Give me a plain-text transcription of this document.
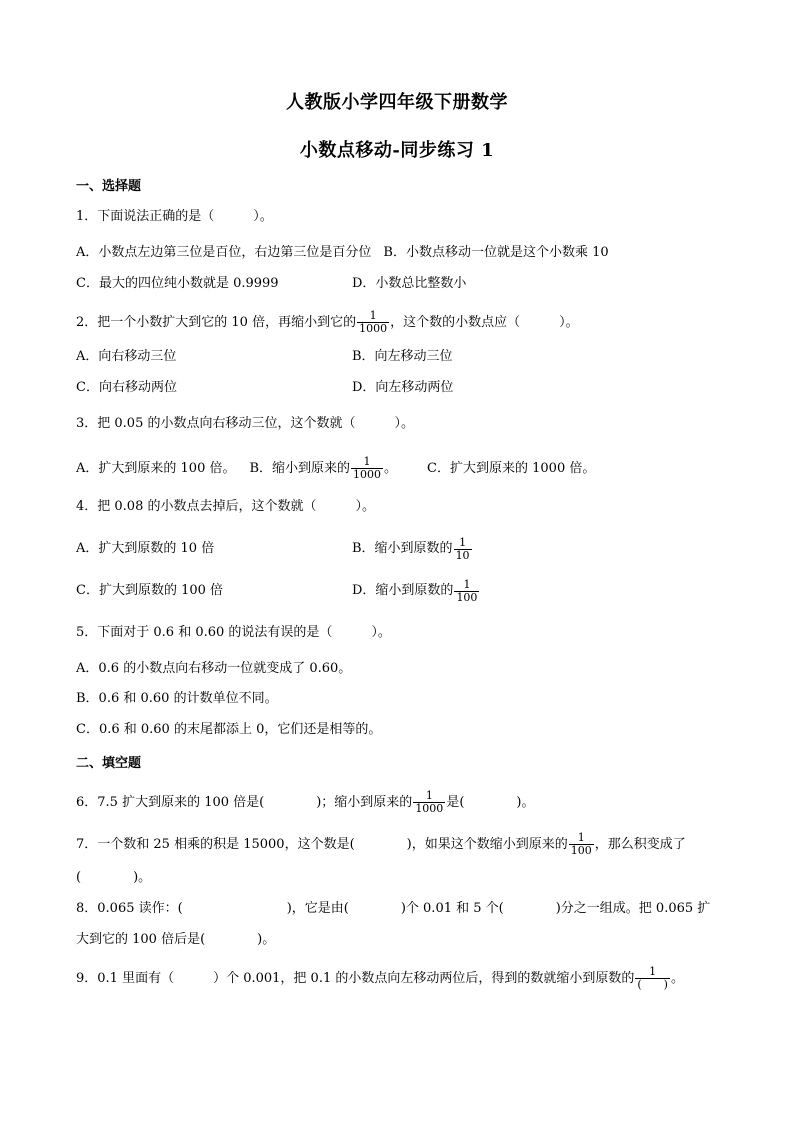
人教版小学四年级下册数学
小数点移动-同步练习 1
一、选择题
1．下面说法正确的是（　　　）。
A．小数点左边第三位是百位，右边第三位是百分位 B．小数点移动一位就是这个小数乘 10
C．最大的四位纯小数就是 0.9999	D．小数总比整数小
2．把一个小数扩大到它的 10 倍，再缩小到它的 $\frac{1}{1000}$ ，这个数的小数点应（　　　）。
A．向右移动三位	B．向左移动三位
C．向右移动两位	D．向左移动两位
3．把 0.05 的小数点向右移动三位，这个数就（　　　）。
A．扩大到原来的 100 倍。 B．缩小到原来的 $\frac{1}{1000}$ 。 C．扩大到原来的 1000 倍。
4．把 0.08 的小数点去掉后，这个数就（　　　）。
A．扩大到原数的 10 倍	B．缩小到原数的 $\frac{1}{10}$
C．扩大到原数的 100 倍	D．缩小到原数的 $\frac{1}{100}$
5．下面对于 0.6 和 0.60 的说法有误的是（　　　）。
A．0.6 的小数点向右移动一位就变成了 0.60。
B．0.6 和 0.60 的计数单位不同。
C．0.6 和 0.60 的末尾都添上 0，它们还是相等的。
二、填空题
6．7.5 扩大到原来的 100 倍是(　　　　)；缩小到原来的 $\frac{1}{1000}$ 是(　　　　)。
7．一个数和 25 相乘的积是 15000，这个数是(　　　　)，如果这个数缩小到原来的 $\frac{1}{100}$ ，那么积变成了
(　　　　)。
8．0.065 读作：(　　　　　　　　)，它是由(　　　　)个 0.01 和 5 个(　　　　)分之一组成。把 0.065 扩
大到它的 100 倍后是(　　　　)。
9．0.1 里面有（　　　）个 0.001，把 0.1 的小数点向左移动两位后，得到的数就缩小到原数的 $\frac{1}{( )}$ 。
